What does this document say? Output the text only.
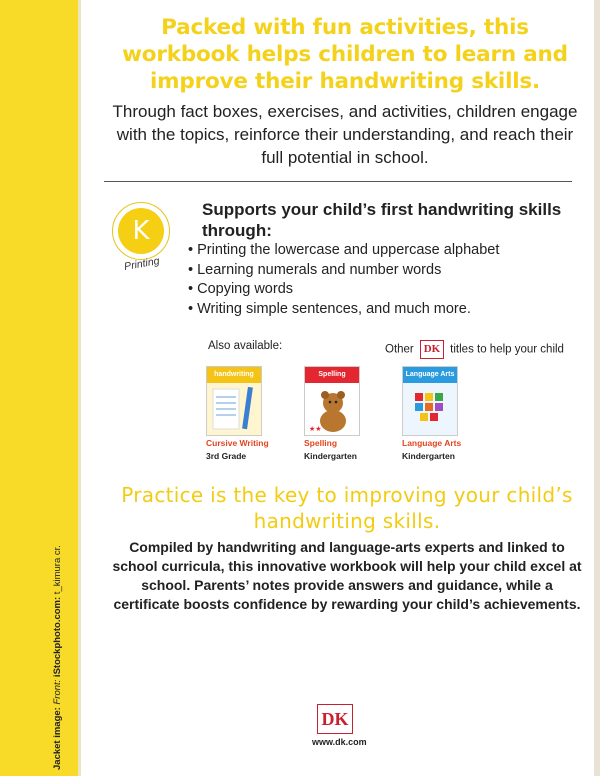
Jacket image: Front: iStockphoto.com: t_kimura cr.
Packed with fun activities, this workbook helps children to learn and improve their handwriting skills.
Through fact boxes, exercises, and activities, children engage with the topics, reinforce their understanding, and reach their full potential in school.
K
Printing
Supports your child’s first handwriting skills through:
• Printing the lowercase and uppercase alphabet
• Learning numerals and number words
• Copying words
• Writing simple sentences, and much more.
Also available:	Other DK titles to help your child
handwriting
Cursive Writing
3rd Grade
Spelling
★★
Spelling
Kindergarten
Language Arts
Language Arts
Kindergarten
Practice is the key to improving your child’s handwriting skills.
Compiled by handwriting and language-arts experts and linked to school curricula, this innovative workbook will help your child excel at school. Parents’ notes provide answers and guidance, while a certificate boosts confidence by rewarding your child’s achievements.
DK
www.dk.com
